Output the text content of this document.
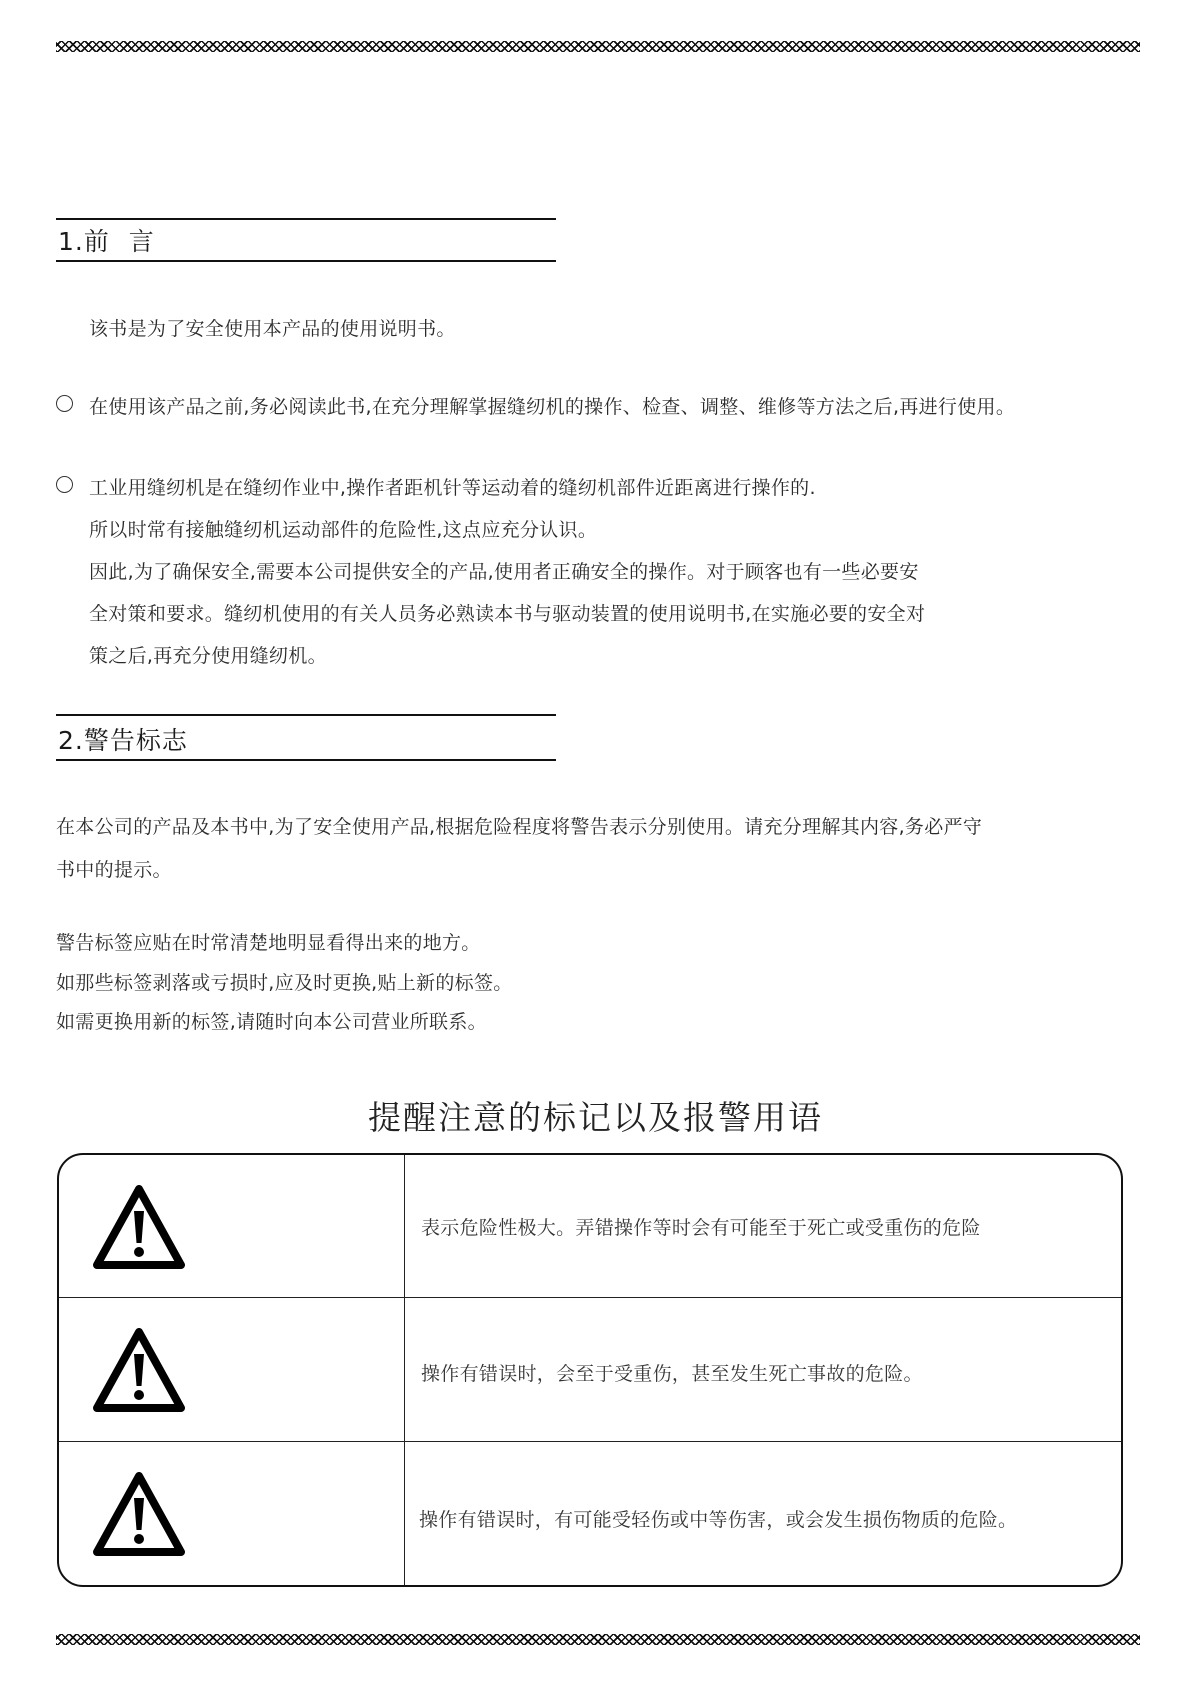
1.前 言
该书是为了安全使用本产品的使用说明书。
在使用该产品之前,务必阅读此书,在充分理解掌握缝纫机的操作、检查、调整、维修等方法之后,再进行使用。
工业用缝纫机是在缝纫作业中,操作者距机针等运动着的缝纫机部件近距离进行操作的.
所以时常有接触缝纫机运动部件的危险性,这点应充分认识。
因此,为了确保安全,需要本公司提供安全的产品,使用者正确安全的操作。对于顾客也有一些必要安
全对策和要求。缝纫机使用的有关人员务必熟读本书与驱动装置的使用说明书,在实施必要的安全对
策之后,再充分使用缝纫机。
2.警告标志
在本公司的产品及本书中,为了安全使用产品,根据危险程度将警告表示分别使用。请充分理解其内容,务必严守
书中的提示。
警告标签应贴在时常清楚地明显看得出来的地方。
如那些标签剥落或亏损时,应及时更换,贴上新的标签。
如需更换用新的标签,请随时向本公司营业所联系。
提醒注意的标记以及报警用语
表示危险性极大。弄错操作等时会有可能至于死亡或受重伤的危险
操作有错误时，会至于受重伤，甚至发生死亡事故的危险。
操作有错误时，有可能受轻伤或中等伤害，或会发生损伤物质的危险。
